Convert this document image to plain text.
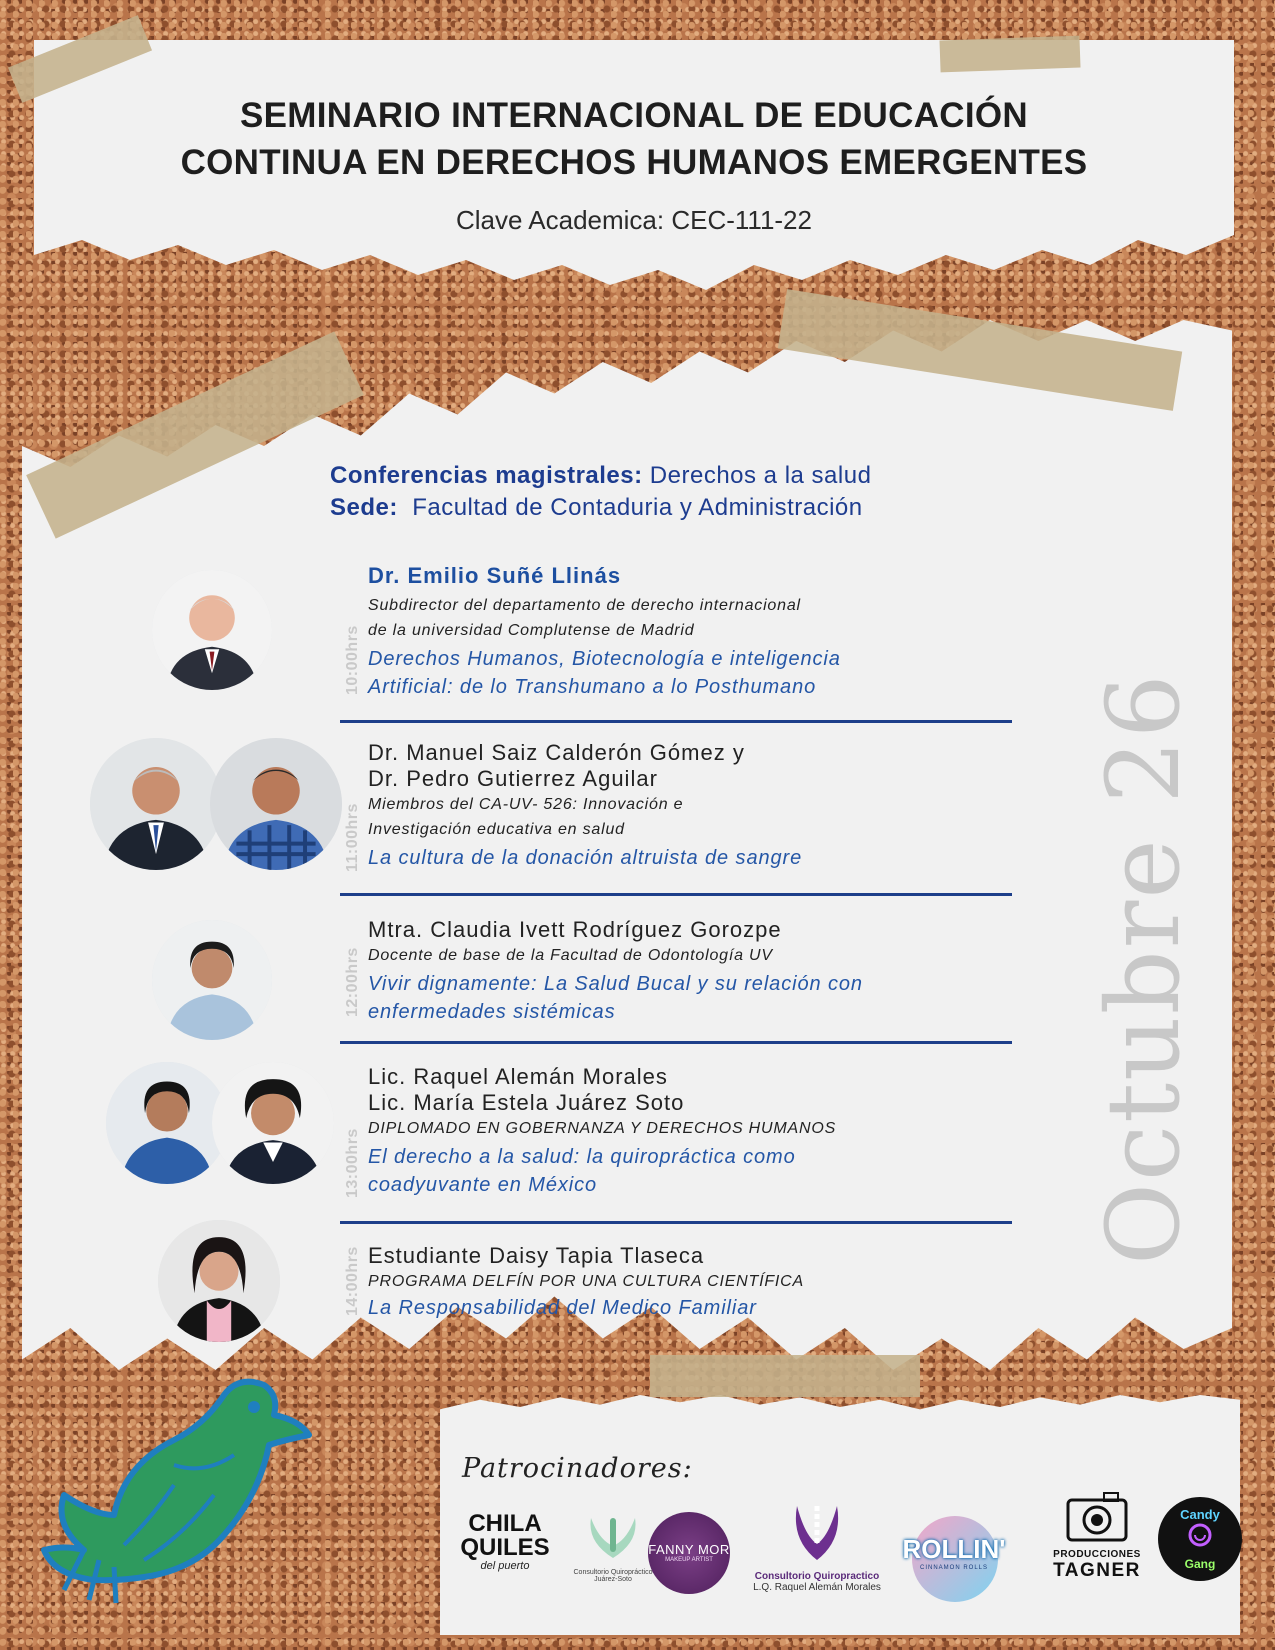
SEMINARIO INTERNACIONAL DE EDUCACIÓN
CONTINUA EN DERECHOS HUMANOS EMERGENTES
Clave Academica: CEC-111-22
Conferencias magistrales: Derechos a la salud
Sede: Facultad de Contaduria y Administración
Octubre 26
10:00hrs
Dr. Emilio Suñé Llinás
Subdirector del departamento de derecho internacional
de la universidad Complutense de Madrid
Derechos Humanos, Biotecnología e inteligencia
Artificial: de lo Transhumano a lo Posthumano
11:00hrs
Dr. Manuel Saiz Calderón Gómez y
Dr. Pedro Gutierrez Aguilar
Miembros del CA-UV- 526: Innovación e
Investigación educativa en salud
La cultura de la donación altruista de sangre
12:00hrs
Mtra. Claudia Ivett Rodríguez Gorozpe
Docente de base de la Facultad de Odontología UV
Vivir dignamente: La Salud Bucal y su relación con
enfermedades sistémicas
13:00hrs
Lic. Raquel Alemán Morales
Lic. María Estela Juárez Soto
DIPLOMADO EN GOBERNANZA Y DERECHOS HUMANOS
El derecho a la salud: la quiropráctica como
coadyuvante en México
14:00hrs Estudiante Daisy Tapia Tlaseca
PROGRAMA DELFÍN POR UNA CULTURA CIENTÍFICA
La Responsabilidad del Medico Familiar
Patrocinadores:
CHILA
QUILES
del puerto
Consultorio Quiropráctico
Juárez-Soto
FANNY MOR
MAKEUP ARTIST
Consultorio Quiropractico
L.Q. Raquel Alemán Morales
ROLLIN'
CINNAMON ROLLS
PRODUCCIONES
TAGNER
Candy
Gang
